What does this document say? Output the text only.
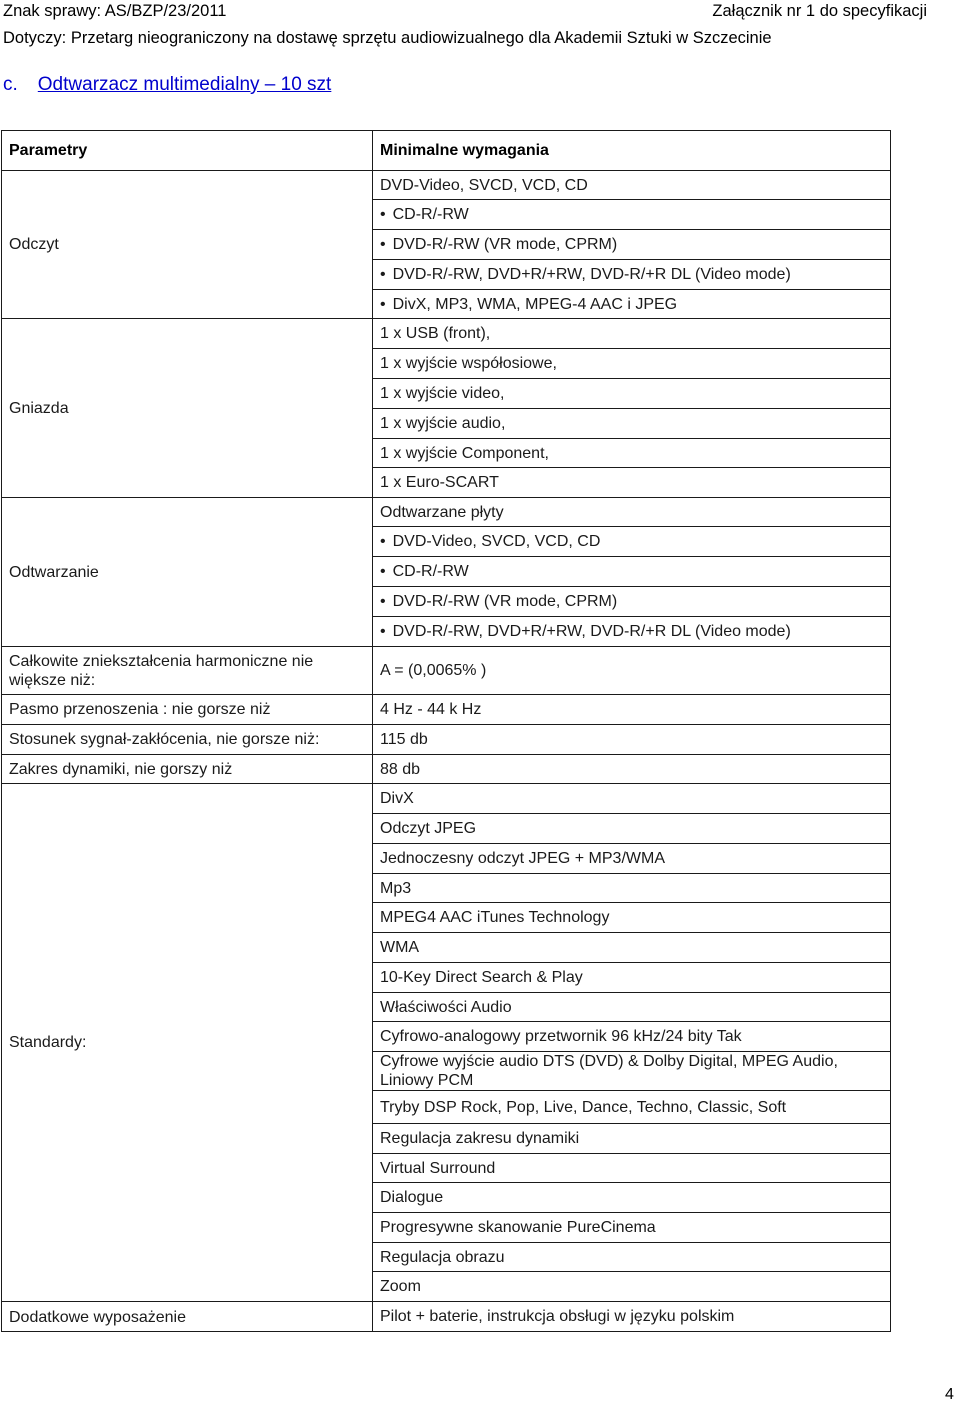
Znak sprawy: AS/BZP/23/2011	Załącznik nr 1 do specyfikacji
Dotyczy: Przetarg nieograniczony na dostawę sprzętu audiowizualnego dla Akademii Sztuki w Szczecinie
c. Odtwarzacz multimedialny – 10 szt
Parametry	Minimalne wymagania
Odczyt	DVD-Video, SVCD, VCD, CD
	• CD-R/-RW
	• DVD-R/-RW (VR mode, CPRM)
	• DVD-R/-RW, DVD+R/+RW, DVD-R/+R DL (Video mode)
	• DivX, MP3, WMA, MPEG-4 AAC i JPEG
Gniazda	1 x USB (front),
	1 x wyjście współosiowe,
	1 x wyjście video,
	1 x wyjście audio,
	1 x wyjście Component,
	1 x Euro-SCART
Odtwarzanie	Odtwarzane płyty
	• DVD-Video, SVCD, VCD, CD
	• CD-R/-RW
	• DVD-R/-RW (VR mode, CPRM)
	• DVD-R/-RW, DVD+R/+RW, DVD-R/+R DL (Video mode)
Całkowite zniekształcenia harmoniczne nie większe niż:	A = (0,0065% )
Pasmo przenoszenia : nie gorsze niż	4 Hz - 44 k Hz
Stosunek sygnał-zakłócenia, nie gorsze niż:	115 db
Zakres dynamiki, nie gorszy niż	88 db
Standardy:	DivX
	Odczyt JPEG
	Jednoczesny odczyt JPEG + MP3/WMA
	Mp3
	MPEG4 AAC iTunes Technology
	WMA
	10-Key Direct Search & Play
	Właściwości Audio
	Cyfrowo-analogowy przetwornik 96 kHz/24 bity Tak
	Cyfrowe wyjście audio DTS (DVD) & Dolby Digital, MPEG Audio, Liniowy PCM
	Tryby DSP Rock, Pop, Live, Dance, Techno, Classic, Soft
	Regulacja zakresu dynamiki
	Virtual Surround
	Dialogue
	Progresywne skanowanie PureCinema
	Regulacja obrazu
	Zoom
Dodatkowe wyposażenie	Pilot + baterie, instrukcja obsługi w języku polskim
4
